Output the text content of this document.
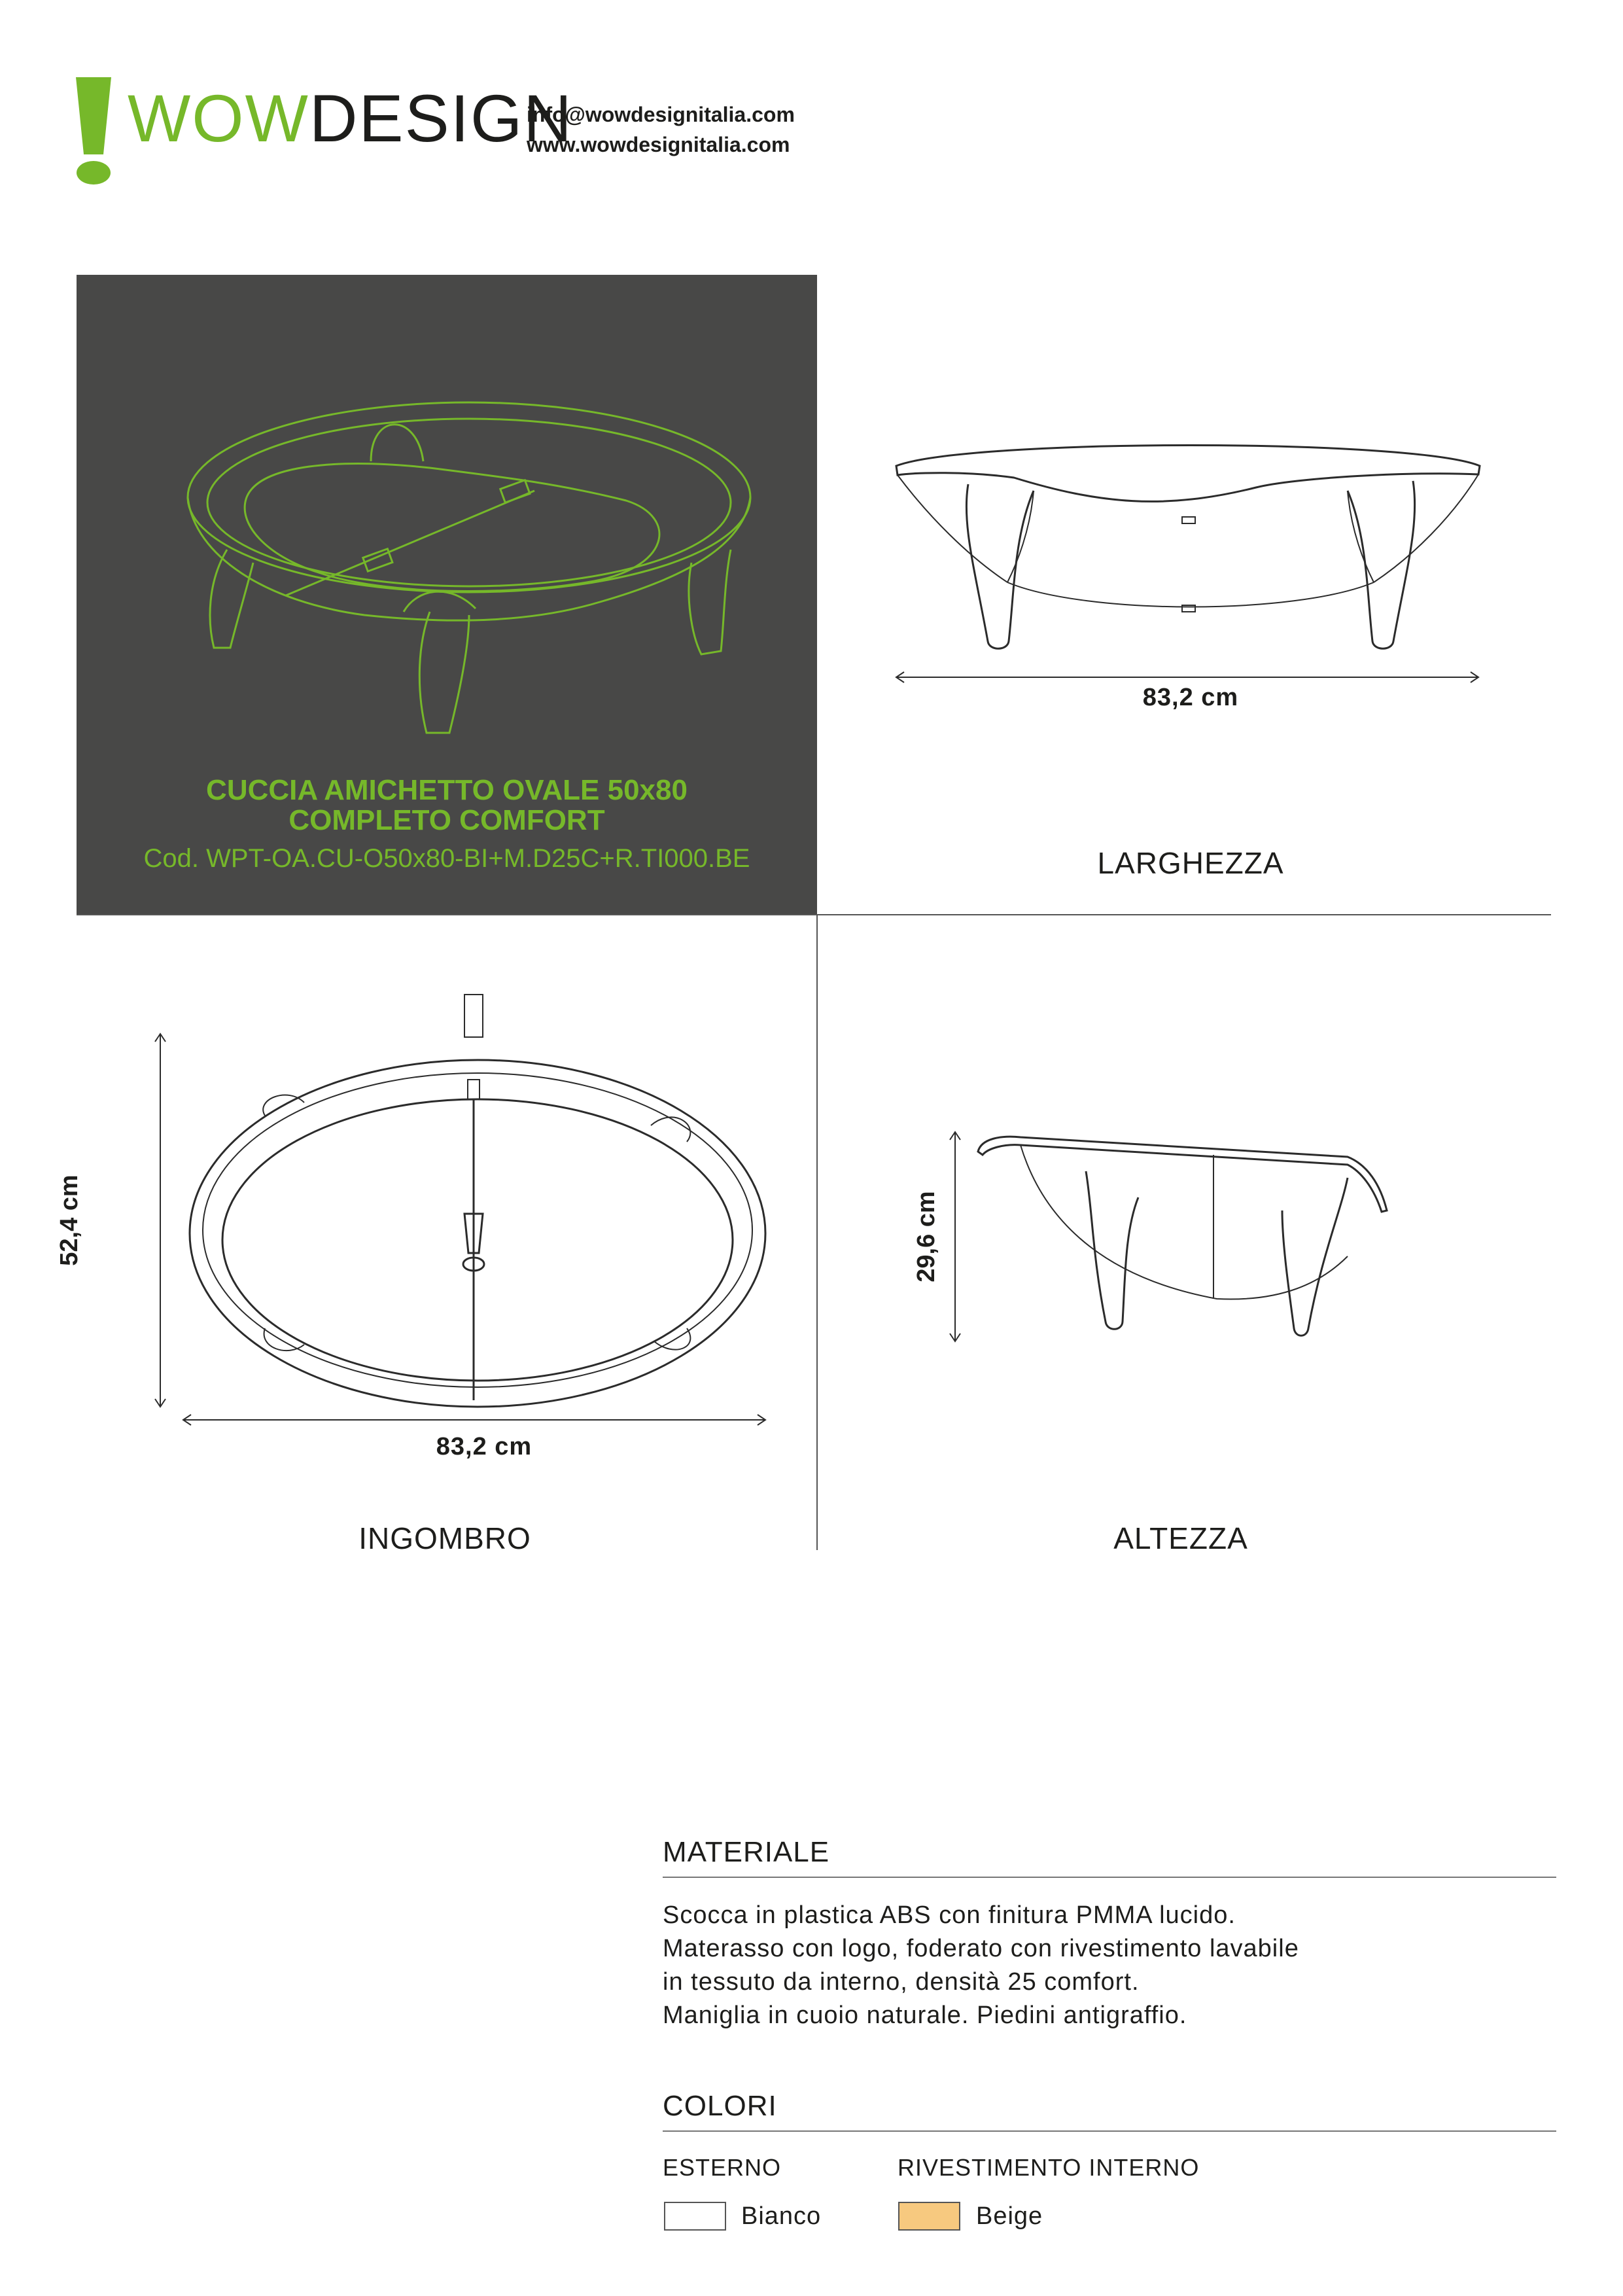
WOWDESIGN
info@wowdesignitalia.com
www.wowdesignitalia.com
CUCCIA AMICHETTO OVALE 50x80
COMPLETO COMFORT
Cod. WPT-OA.CU-O50x80-BI+M.D25C+R.TI000.BE
83,2 cm
LARGHEZZA
52,4 cm
83,2 cm
INGOMBRO
29,6 cm
ALTEZZA
MATERIALE
Scocca in plastica ABS con finitura PMMA lucido.
Materasso con logo, foderato con rivestimento lavabile
in tessuto da interno, densità 25 comfort.
Maniglia in cuoio naturale. Piedini antigraffio.
COLORI
ESTERNO	RIVESTIMENTO INTERNO
Bianco	Beige
